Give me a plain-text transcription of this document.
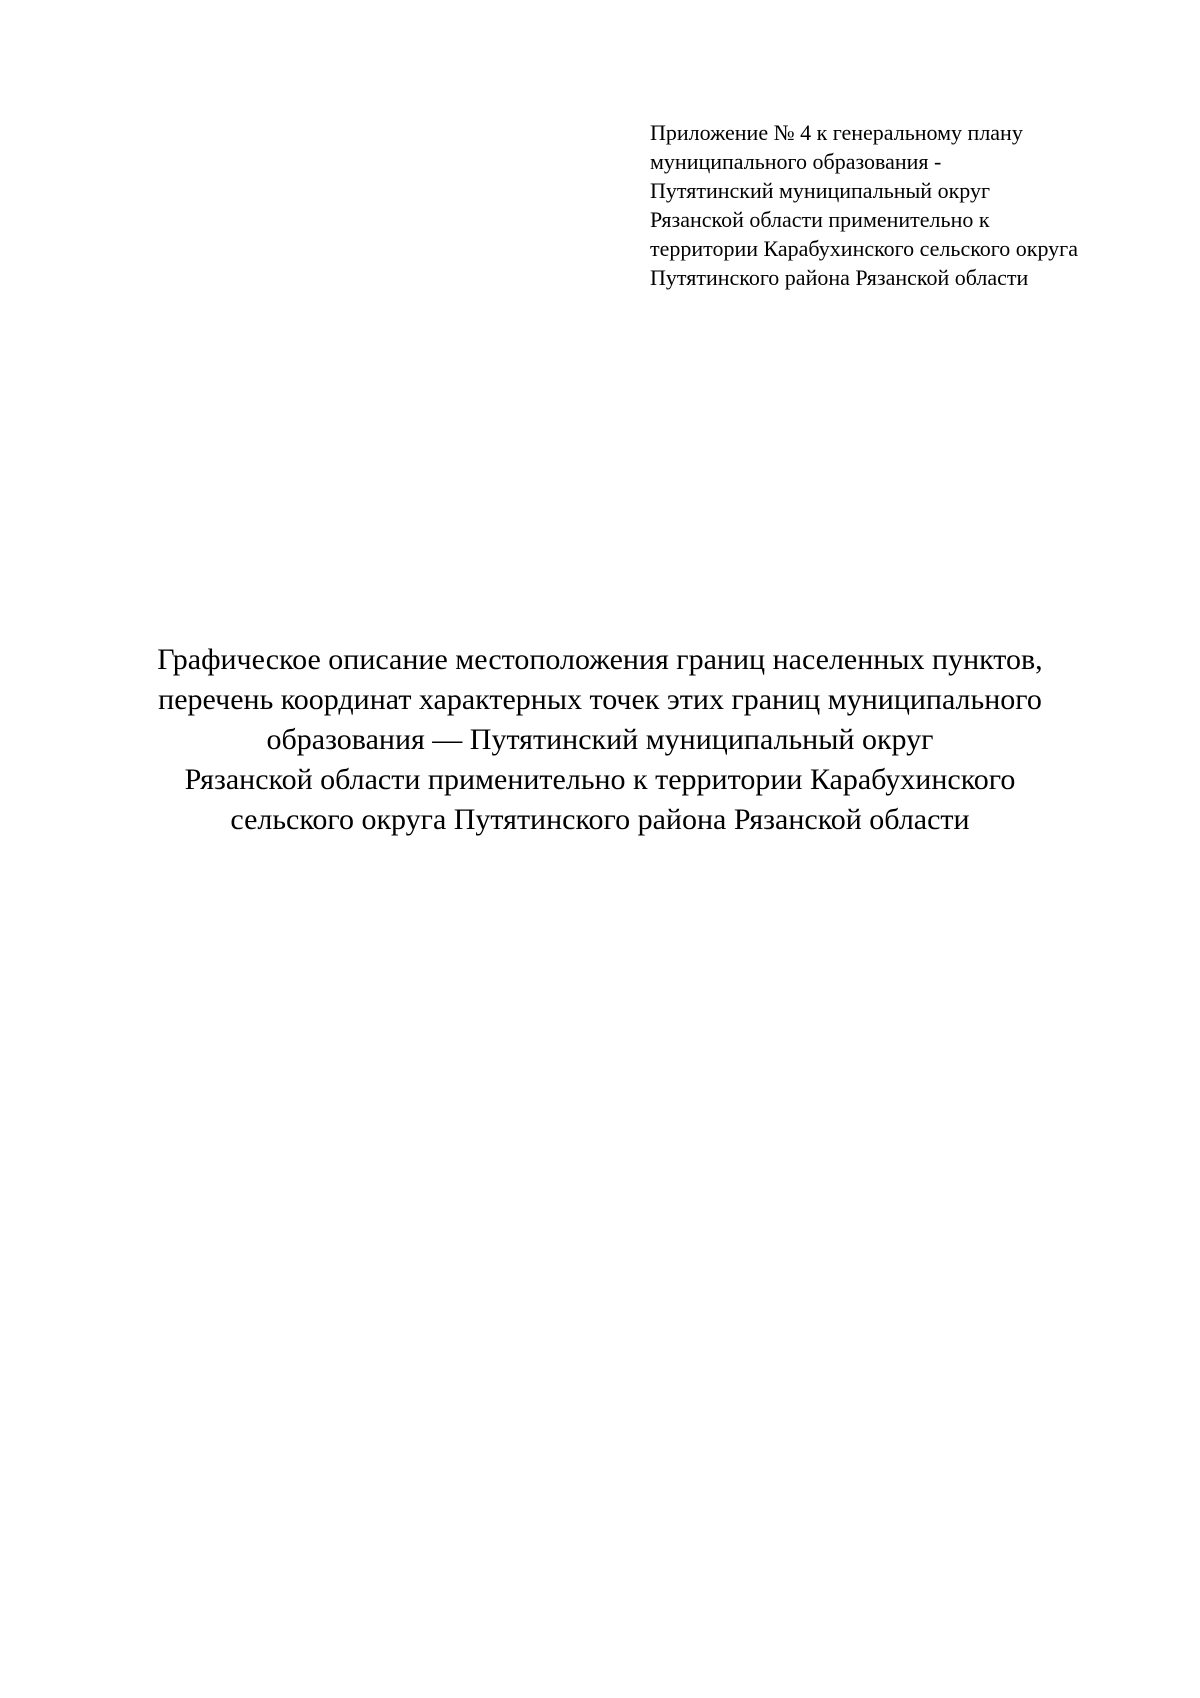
Приложение № 4 к генеральному плану
муниципального образования -
Путятинский муниципальный округ
Рязанской области применительно к
территории Карабухинского сельского округа
Путятинского района Рязанской области
Графическое описание местоположения границ населенных пунктов,
перечень координат характерных точек этих границ муниципального
образования — Путятинский муниципальный округ
Рязанской области применительно к территории Карабухинского
сельского округа Путятинского района Рязанской области
